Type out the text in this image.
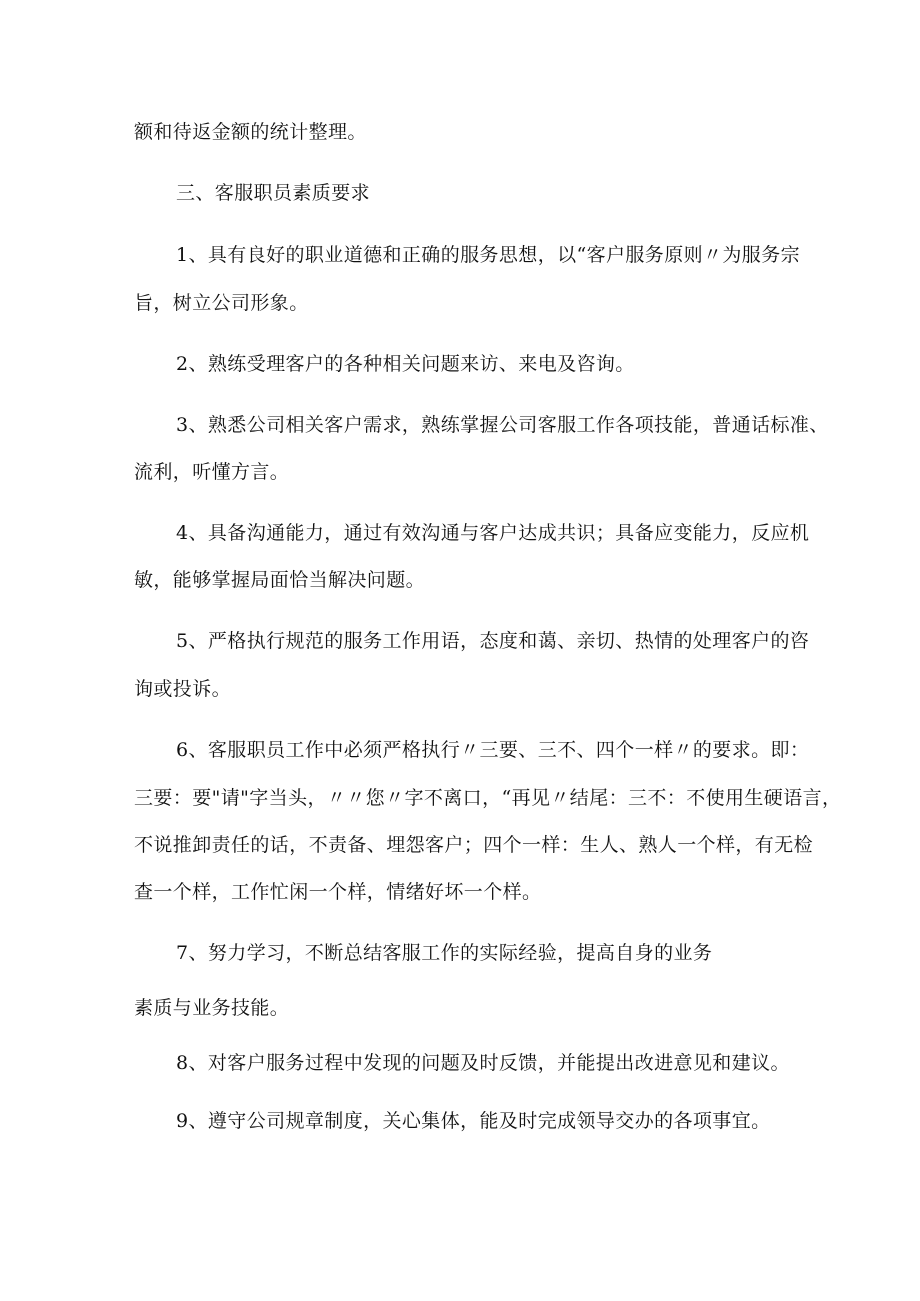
额和待返金额的统计整理。
三、客服职员素质要求
1、具有良好的职业道德和正确的服务思想，以“客户服务原则〃为服务宗
旨，树立公司形象。
2、熟练受理客户的各种相关问题来访、来电及咨询。
3、熟悉公司相关客户需求，熟练掌握公司客服工作各项技能，普通话标准、
流利，听懂方言。
4、具备沟通能力，通过有效沟通与客户达成共识；具备应变能力，反应机
敏，能够掌握局面恰当解决问题。
5、严格执行规范的服务工作用语，态度和蔼、亲切、热情的处理客户的咨
询或投诉。
6、客服职员工作中必须严格执行〃三要、三不、四个一样〃的要求。即：
三要：要"请"字当头，〃〃您〃字不离口，“再见〃结尾：三不：不使用生硬语言，
不说推卸责任的话，不责备、埋怨客户；四个一样：生人、熟人一个样，有无检
查一个样，工作忙闲一个样，情绪好坏一个样。
7、努力学习，不断总结客服工作的实际经验，提高自身的业务
素质与业务技能。
8、对客户服务过程中发现的问题及时反馈，并能提出改进意见和建议。
9、遵守公司规章制度，关心集体，能及时完成领导交办的各项事宜。
